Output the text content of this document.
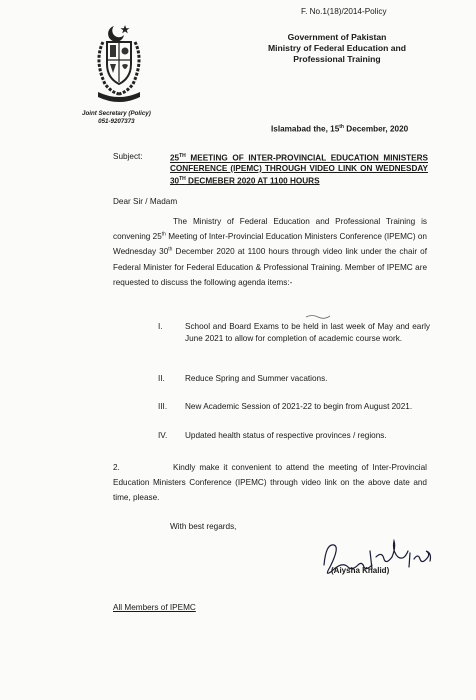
F. No.1(18)/2014-Policy
Government of Pakistan
Ministry of Federal Education and
Professional Training
Joint Secretary (Policy)
051-9207373
Islamabad the, 15th December, 2020
Subject:	25TH MEETING OF INTER-PROVINCIAL EDUCATION MINISTERS CONFERENCE (IPEMC) THROUGH VIDEO LINK ON WEDNESDAY 30TH DECMEBER 2020 AT 1100 HOURS
Dear Sir / Madam
The Ministry of Federal Education and Professional Training is convening 25th Meeting of Inter-Provincial Education Ministers Conference (IPEMC) on Wednesday 30th December 2020 at 1100 hours through video link under the chair of Federal Minister for Federal Education & Professional Training. Member of IPEMC are requested to discuss the following agenda items:-
I.	School and Board Exams to be held in last week of May and early June 2021 to allow for completion of academic course work.
II.	Reduce Spring and Summer vacations.
III.	New Academic Session of 2021-22 to begin from August 2021.
IV.	Updated health status of respective provinces / regions.
2.	Kindly make it convenient to attend the meeting of Inter-Provincial Education Ministers Conference (IPEMC) through video link on the above date and time, please.
With best regards,
(Aiysha Khalid)
All Members of IPEMC
